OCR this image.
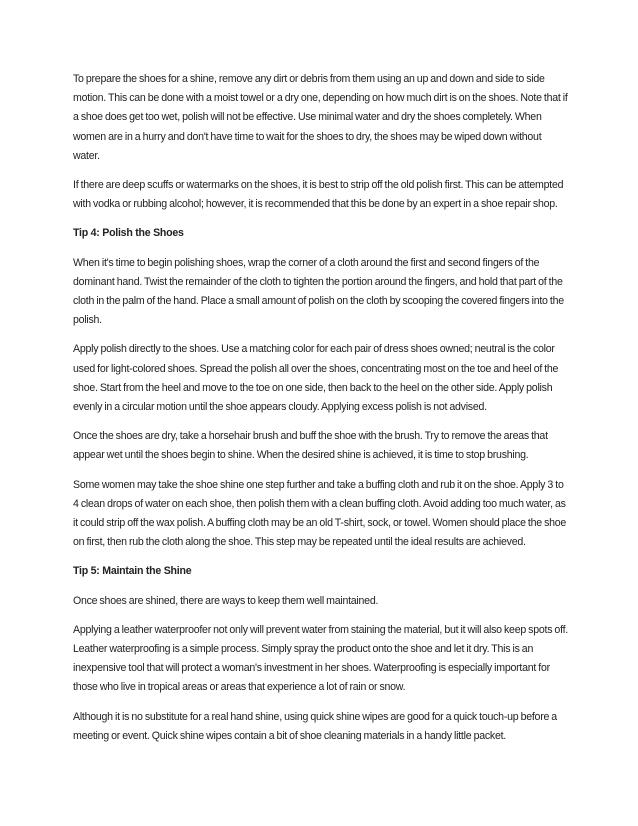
To prepare the shoes for a shine, remove any dirt or debris from them using an up and down and side to side motion. This can be done with a moist towel or a dry one, depending on how much dirt is on the shoes. Note that if a shoe does get too wet, polish will not be effective. Use minimal water and dry the shoes completely. When women are in a hurry and don't have time to wait for the shoes to dry, the shoes may be wiped down without water.

If there are deep scuffs or watermarks on the shoes, it is best to strip off the old polish first. This can be attempted with vodka or rubbing alcohol; however, it is recommended that this be done by an expert in a shoe repair shop.

Tip 4: Polish the Shoes

When it's time to begin polishing shoes, wrap the corner of a cloth around the first and second fingers of the dominant hand. Twist the remainder of the cloth to tighten the portion around the fingers, and hold that part of the cloth in the palm of the hand. Place a small amount of polish on the cloth by scooping the covered fingers into the polish.

Apply polish directly to the shoes. Use a matching color for each pair of dress shoes owned; neutral is the color used for light-colored shoes. Spread the polish all over the shoes, concentrating most on the toe and heel of the shoe. Start from the heel and move to the toe on one side, then back to the heel on the other side. Apply polish evenly in a circular motion until the shoe appears cloudy. Applying excess polish is not advised.

Once the shoes are dry, take a horsehair brush and buff the shoe with the brush. Try to remove the areas that appear wet until the shoes begin to shine. When the desired shine is achieved, it is time to stop brushing.

Some women may take the shoe shine one step further and take a buffing cloth and rub it on the shoe. Apply 3 to 4 clean drops of water on each shoe, then polish them with a clean buffing cloth. Avoid adding too much water, as it could strip off the wax polish. A buffing cloth may be an old T-shirt, sock, or towel. Women should place the shoe on first, then rub the cloth along the shoe. This step may be repeated until the ideal results are achieved.

Tip 5: Maintain the Shine

Once shoes are shined, there are ways to keep them well maintained.

Applying a leather waterproofer not only will prevent water from staining the material, but it will also keep spots off. Leather waterproofing is a simple process. Simply spray the product onto the shoe and let it dry. This is an inexpensive tool that will protect a woman's investment in her shoes. Waterproofing is especially important for those who live in tropical areas or areas that experience a lot of rain or snow.

Although it is no substitute for a real hand shine, using quick shine wipes are good for a quick touch-up before a meeting or event. Quick shine wipes contain a bit of shoe cleaning materials in a handy little packet.
